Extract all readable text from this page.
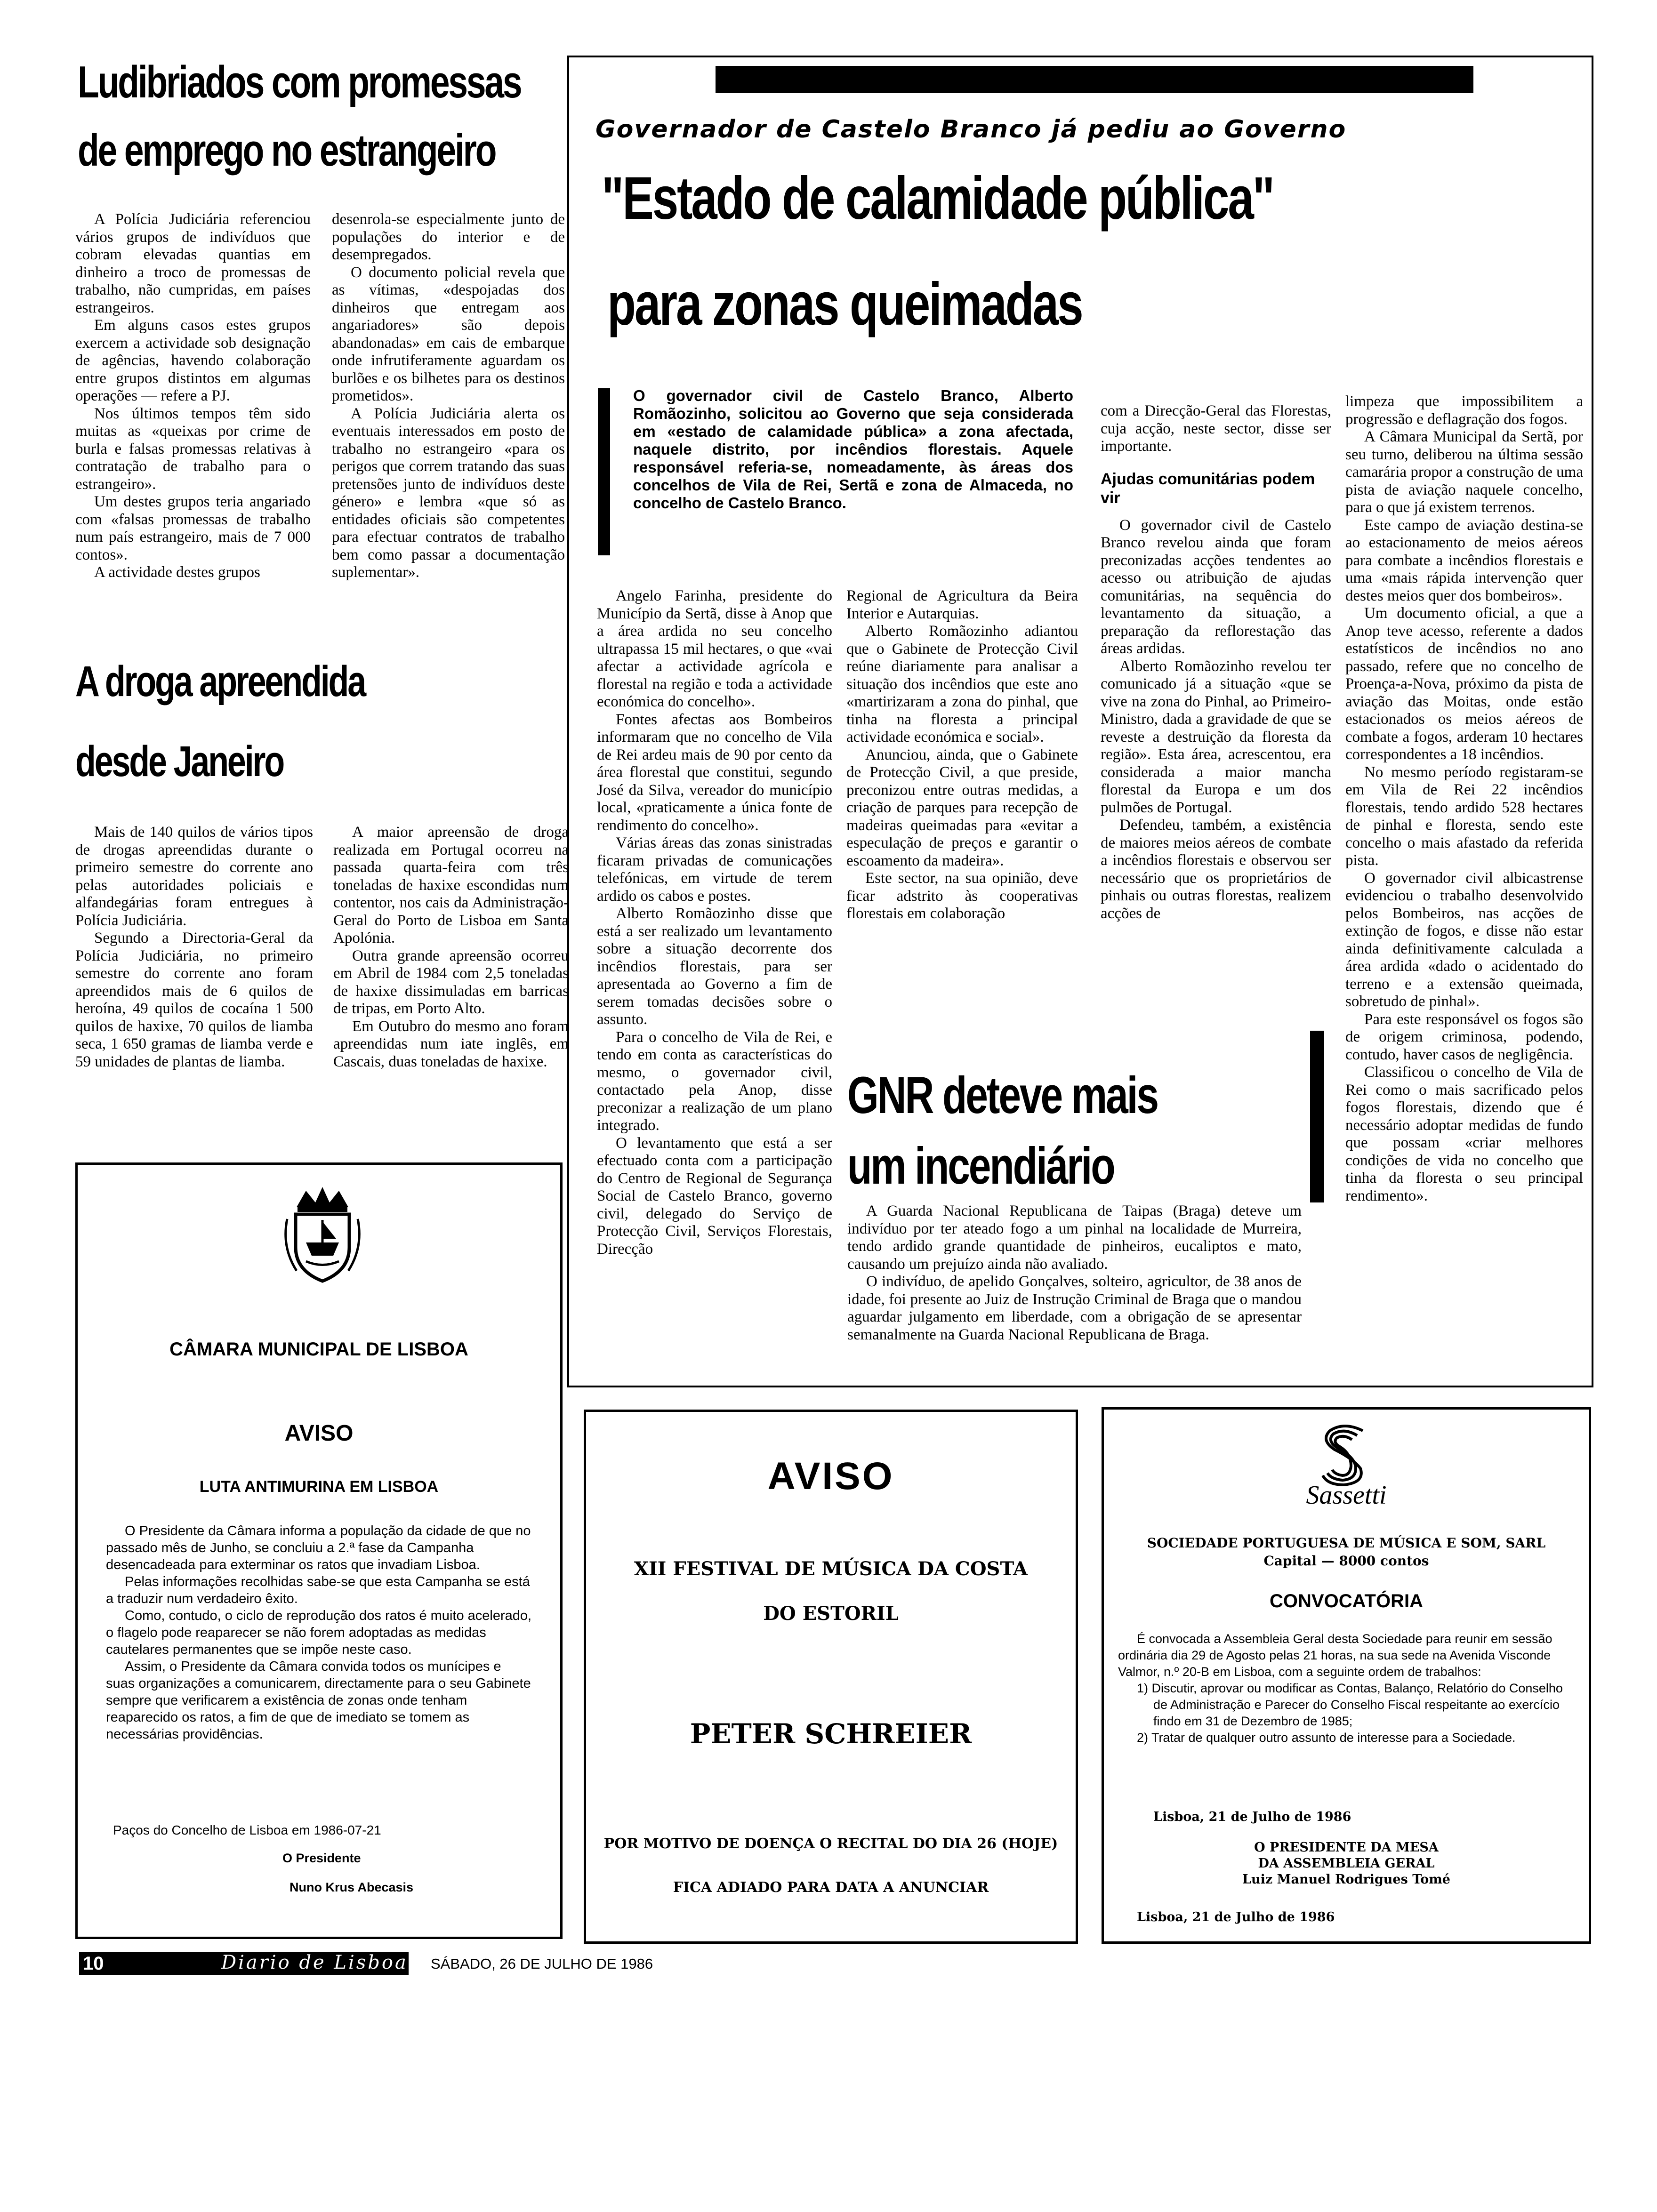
Ludibriados com promessas
de emprego no estrangeiro

A Polícia Judiciária referenciou vários grupos de indivíduos que cobram elevadas quantias em dinheiro a troco de promessas de trabalho, não cumpridas, em países estrangeiros.

Em alguns casos estes grupos exercem a actividade sob designação de agências, havendo colaboração entre grupos distintos em algumas operações — refere a PJ.

Nos últimos tempos têm sido muitas as «queixas por crime de burla e falsas promessas relativas à contratação de trabalho para o estrangeiro».

Um destes grupos teria angariado com «falsas promessas de trabalho num país estrangeiro, mais de 7 000 contos».

A actividade destes grupos

desenrola-se especialmente junto de populações do interior e de desempregados.

O documento policial revela que as vítimas, «despojadas dos dinheiros que entregam aos angariadores» são depois abandonadas» em cais de embarque onde infrutiferamente aguardam os burlões e os bilhetes para os destinos prometidos».

A Polícia Judiciária alerta os eventuais interessados em posto de trabalho no estrangeiro «para os perigos que correm tratando das suas pretensões junto de indivíduos deste género» e lembra «que só as entidades oficiais são competentes para efectuar contratos de trabalho bem como passar a documentação suplementar».

A droga apreendida
desde Janeiro

Mais de 140 quilos de vários tipos de drogas apreendidas durante o primeiro semestre do corrente ano pelas autoridades policiais e alfandegárias foram entregues à Polícia Judiciária.

Segundo a Directoria-Geral da Polícia Judiciária, no primeiro semestre do corrente ano foram apreendidos mais de 6 quilos de heroína, 49 quilos de cocaína 1 500 quilos de haxixe, 70 quilos de liamba seca, 1 650 gramas de liamba verde e 59 unidades de plantas de liamba.

A maior apreensão de droga realizada em Portugal ocorreu na passada quarta-feira com três toneladas de haxixe escondidas num contentor, nos cais da Administração-Geral do Porto de Lisboa em Santa Apolónia.

Outra grande apreensão ocorreu em Abril de 1984 com 2,5 toneladas de haxixe dissimuladas em barricas de tripas, em Porto Alto.

Em Outubro do mesmo ano foram apreendidas num iate inglês, em Cascais, duas toneladas de haxixe.

Governador de Castelo Branco já pediu ao Governo
"Estado de calamidade pública"
para zonas queimadas
O governador civil de Castelo Branco, Alberto Romãozinho, solicitou ao Governo que seja considerada em «estado de calamidade pública» a zona afectada, naquele distrito, por incêndios florestais. Aquele responsável referia-se, nomeadamente, às áreas dos concelhos de Vila de Rei, Sertã e zona de Almaceda, no concelho de Castelo Branco.

Angelo Farinha, presidente do Município da Sertã, disse à Anop que a área ardida no seu concelho ultrapassa 15 mil hectares, o que «vai afectar a actividade agrícola e florestal na região e toda a actividade económica do concelho».

Fontes afectas aos Bombeiros informaram que no concelho de Vila de Rei ardeu mais de 90 por cento da área florestal que constitui, segundo José da Silva, vereador do município local, «praticamente a única fonte de rendimento do concelho».

Várias áreas das zonas sinistradas ficaram privadas de comunicações telefónicas, em virtude de terem ardido os cabos e postes.

Alberto Romãozinho disse que está a ser realizado um levantamento sobre a situação decorrente dos incêndios florestais, para ser apresentada ao Governo a fim de serem tomadas decisões sobre o assunto.

Para o concelho de Vila de Rei, e tendo em conta as características do mesmo, o governador civil, contactado pela Anop, disse preconizar a realização de um plano integrado.

O levantamento que está a ser efectuado conta com a participação do Centro de Regional de Segurança Social de Castelo Branco, governo civil, delegado do Serviço de Protecção Civil, Serviços Florestais, Direcção

Regional de Agricultura da Beira Interior e Autarquias.

Alberto Romãozinho adiantou que o Gabinete de Protecção Civil reúne diariamente para analisar a situação dos incêndios que este ano «martirizaram a zona do pinhal, que tinha na floresta a principal actividade económica e social».

Anunciou, ainda, que o Gabinete de Protecção Civil, a que preside, preconizou entre outras medidas, a criação de parques para recepção de madeiras queimadas para «evitar a especulação de preços e garantir o escoamento da madeira».

Este sector, na sua opinião, deve ficar adstrito às cooperativas florestais em colaboração

com a Direcção-Geral das Florestas, cuja acção, neste sector, disse ser importante.

Ajudas comunitárias podem vir

O governador civil de Castelo Branco revelou ainda que foram preconizadas acções tendentes ao acesso ou atribuição de ajudas comunitárias, na sequência do levantamento da situação, a preparação da reflorestação das áreas ardidas.

Alberto Romãozinho revelou ter comunicado já a situação «que se vive na zona do Pinhal, ao Primeiro-Ministro, dada a gravidade de que se reveste a destruição da floresta da região». Esta área, acrescentou, era considerada a maior mancha florestal da Europa e um dos pulmões de Portugal.

Defendeu, também, a existência de maiores meios aéreos de combate a incêndios florestais e observou ser necessário que os proprietários de pinhais ou outras florestas, realizem acções de

limpeza que impossibilitem a progressão e deflagração dos fogos.

A Câmara Municipal da Sertã, por seu turno, deliberou na última sessão camarária propor a construção de uma pista de aviação naquele concelho, para o que já existem terrenos.

Este campo de aviação destina-se ao estacionamento de meios aéreos para combate a incêndios florestais e uma «mais rápida intervenção quer destes meios quer dos bombeiros».

Um documento oficial, a que a Anop teve acesso, referente a dados estatísticos de incêndios no ano passado, refere que no concelho de Proença-a-Nova, próximo da pista de aviação das Moitas, onde estão estacionados os meios aéreos de combate a fogos, arderam 10 hectares correspondentes a 18 incêndios.

No mesmo período registaram-se em Vila de Rei 22 incêndios florestais, tendo ardido 528 hectares de pinhal e floresta, sendo este concelho o mais afastado da referida pista.

O governador civil albicastrense evidenciou o trabalho desenvolvido pelos Bombeiros, nas acções de extinção de fogos, e disse não estar ainda definitivamente calculada a área ardida «dado o acidentado do terreno e a extensão queimada, sobretudo de pinhal».

Para este responsável os fogos são de origem criminosa, podendo, contudo, haver casos de negligência.

Classificou o concelho de Vila de Rei como o mais sacrificado pelos fogos florestais, dizendo que é necessário adoptar medidas de fundo que possam «criar melhores condições de vida no concelho que tinha da floresta o seu principal rendimento».

GNR deteve mais
um incendiário

A Guarda Nacional Republicana de Taipas (Braga) deteve um indivíduo por ter ateado fogo a um pinhal na localidade de Murreira, tendo ardido grande quantidade de pinheiros, eucaliptos e mato, causando um prejuízo ainda não avaliado.

O indivíduo, de apelido Gonçalves, solteiro, agricultor, de 38 anos de idade, foi presente ao Juiz de Instrução Criminal de Braga que o mandou aguardar julgamento em liberdade, com a obrigação de se apresentar semanalmente na Guarda Nacional Republicana de Braga.

CÂMARA MUNICIPAL DE LISBOA
AVISO
LUTA ANTIMURINA EM LISBOA

O Presidente da Câmara informa a população da cidade de que no passado mês de Junho, se concluiu a 2.ª fase da Campanha desencadeada para exterminar os ratos que invadiam Lisboa.

Pelas informações recolhidas sabe-se que esta Campanha se está a traduzir num verdadeiro êxito.

Como, contudo, o ciclo de reprodução dos ratos é muito acelerado, o flagelo pode reaparecer se não forem adoptadas as medidas cautelares permanentes que se impõe neste caso.

Assim, o Presidente da Câmara convida todos os munícipes e suas organizações a comunicarem, directamente para o seu Gabinete sempre que verificarem a existência de zonas onde tenham reaparecido os ratos, a fim de que de imediato se tomem as necessárias providências.

Paços do Concelho de Lisboa em 1986-07-21
O Presidente
Nuno Krus Abecasis
AVISO
XII FESTIVAL DE MÚSICA DA COSTA
DO ESTORIL
PETER SCHREIER
POR MOTIVO DE DOENÇA O RECITAL DO DIA 26 (HOJE)
FICA ADIADO PARA DATA A ANUNCIAR
Sassetti
SOCIEDADE PORTUGUESA DE MÚSICA E SOM, SARL
Capital — 8000 contos
CONVOCATÓRIA

É convocada a Assembleia Geral desta Sociedade para reunir em sessão ordinária dia 29 de Agosto pelas 21 horas, na sua sede na Avenida Visconde Valmor, n.º 20-B em Lisboa, com a seguinte ordem de trabalhos:

1) Discutir, aprovar ou modificar as Contas, Balanço, Relatório do Conselho de Administração e Parecer do Conselho Fiscal respeitante ao exercício findo em 31 de Dezembro de 1985;
2) Tratar de qualquer outro assunto de interesse para a Sociedade.
Lisboa, 21 de Julho de 1986
O PRESIDENTE DA MESA
DA ASSEMBLEIA GERAL
Luiz Manuel Rodrigues Tomé
Lisboa, 21 de Julho de 1986
10	Diario de Lisboa SÁBADO, 26 DE JULHO DE 1986
